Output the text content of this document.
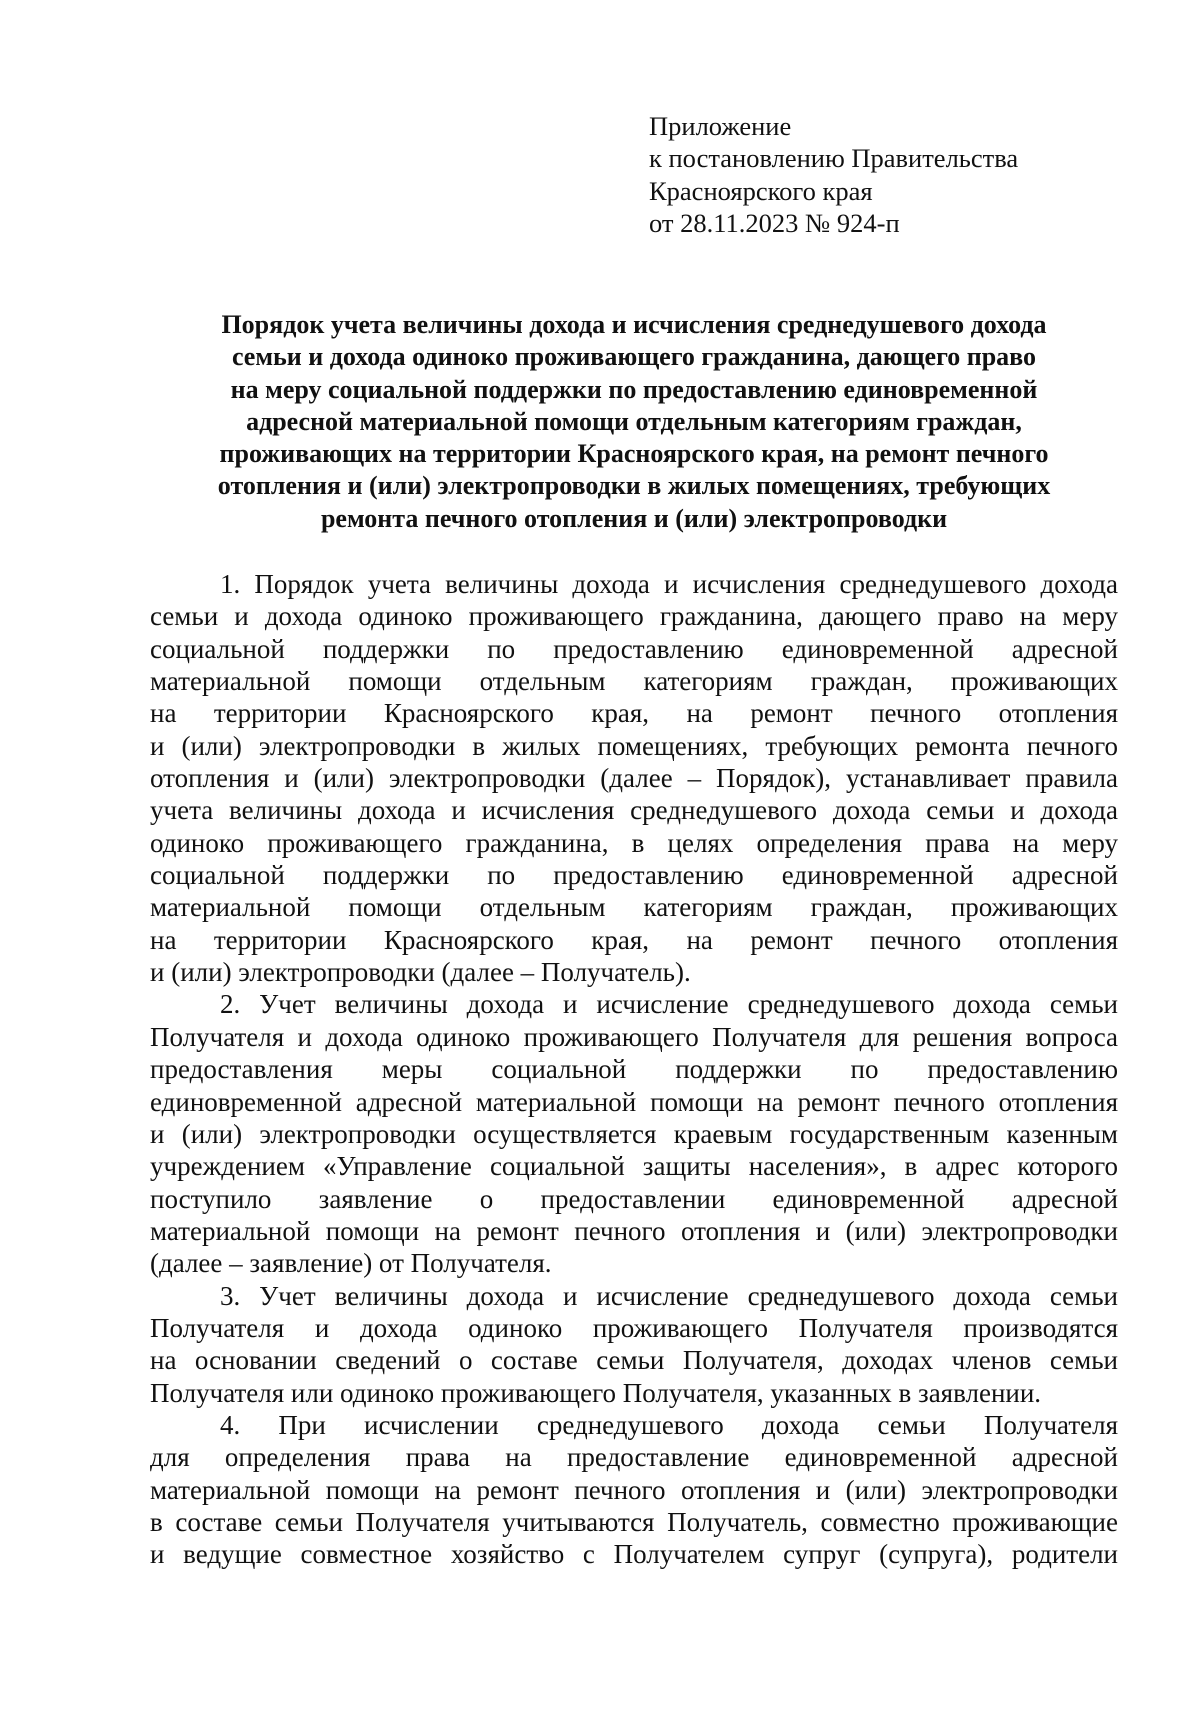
Приложение
к постановлению Правительства
Красноярского края
от 28.11.2023 № 924-п
Порядок учета величины дохода и исчисления среднедушевого дохода
семьи и дохода одиноко проживающего гражданина, дающего право
на меру социальной поддержки по предоставлению единовременной
адресной материальной помощи отдельным категориям граждан,
проживающих на территории Красноярского края, на ремонт печного
отопления и (или) электропроводки в жилых помещениях, требующих
ремонта печного отопления и (или) электропроводки
1. Порядок учета величины дохода и исчисления среднедушевого дохода
семьи и дохода одиноко проживающего гражданина, дающего право на меру
социальной поддержки по предоставлению единовременной адресной
материальной помощи отдельным категориям граждан, проживающих
на территории Красноярского края, на ремонт печного отопления
и (или) электропроводки в жилых помещениях, требующих ремонта печного
отопления и (или) электропроводки (далее – Порядок), устанавливает правила
учета величины дохода и исчисления среднедушевого дохода семьи и дохода
одиноко проживающего гражданина, в целях определения права на меру
социальной поддержки по предоставлению единовременной адресной
материальной помощи отдельным категориям граждан, проживающих
на территории Красноярского края, на ремонт печного отопления
и (или) электропроводки (далее – Получатель).
2. Учет величины дохода и исчисление среднедушевого дохода семьи
Получателя и дохода одиноко проживающего Получателя для решения вопроса
предоставления меры социальной поддержки по предоставлению
единовременной адресной материальной помощи на ремонт печного отопления
и (или) электропроводки осуществляется краевым государственным казенным
учреждением «Управление социальной защиты населения», в адрес которого
поступило заявление о предоставлении единовременной адресной
материальной помощи на ремонт печного отопления и (или) электропроводки
(далее – заявление) от Получателя.
3. Учет величины дохода и исчисление среднедушевого дохода семьи
Получателя и дохода одиноко проживающего Получателя производятся
на основании сведений о составе семьи Получателя, доходах членов семьи
Получателя или одиноко проживающего Получателя, указанных в заявлении.
4. При исчислении среднедушевого дохода семьи Получателя
для определения права на предоставление единовременной адресной
материальной помощи на ремонт печного отопления и (или) электропроводки
в составе семьи Получателя учитываются Получатель, совместно проживающие
и ведущие совместное хозяйство с Получателем супруг (супруга), родители
